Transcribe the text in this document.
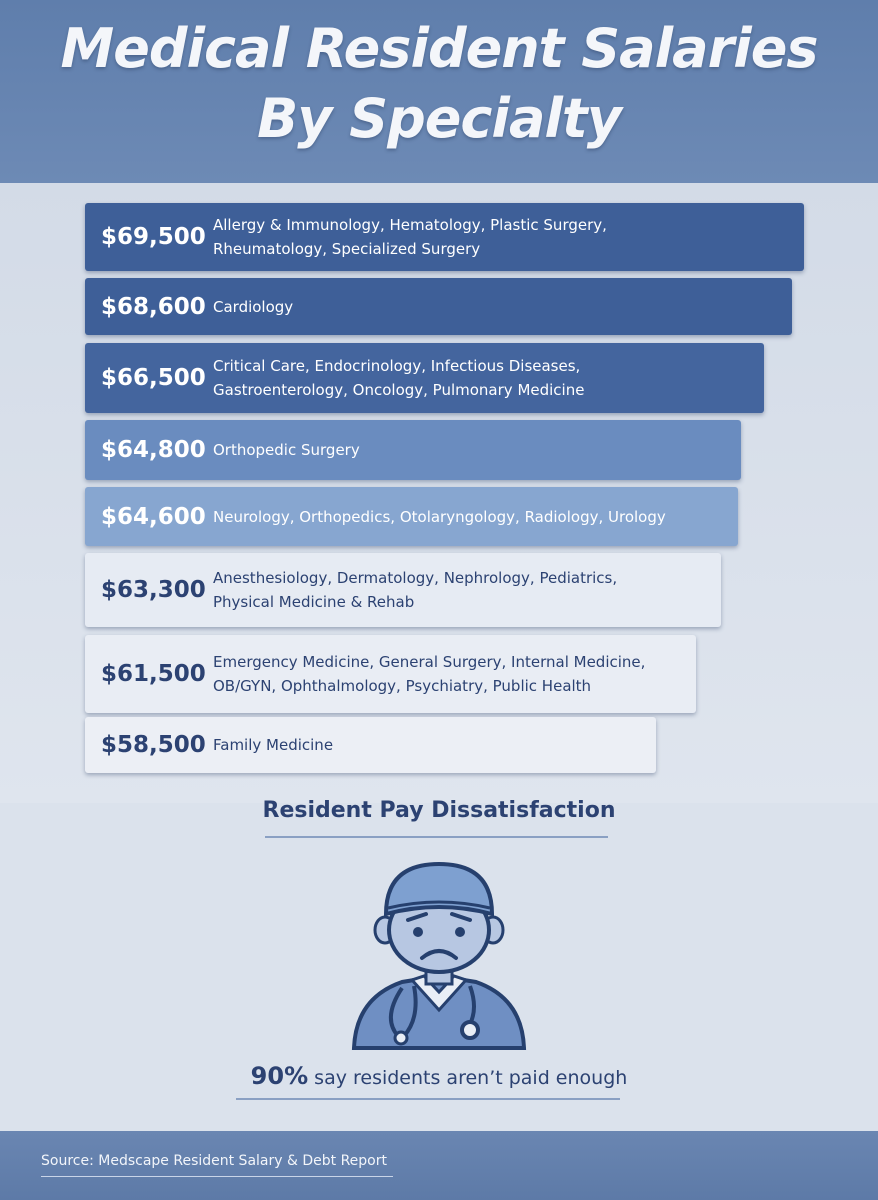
Medical Resident Salaries
By Specialty
$69,500 Allergy & Immunology, Hematology, Plastic Surgery,
Rheumatology, Specialized Surgery
$68,600 Cardiology
$66,500 Critical Care, Endocrinology, Infectious Diseases,
Gastroenterology, Oncology, Pulmonary Medicine
$64,800 Orthopedic Surgery
$64,600 Neurology, Orthopedics, Otolaryngology, Radiology, Urology
$63,300 Anesthesiology, Dermatology, Nephrology, Pediatrics,
Physical Medicine & Rehab
$61,500 Emergency Medicine, General Surgery, Internal Medicine,
OB/GYN, Ophthalmology, Psychiatry, Public Health
$58,500 Family Medicine
Resident Pay Dissatisfaction
90% say residents aren’t paid enough

Source: Medscape Resident Salary & Debt Report
